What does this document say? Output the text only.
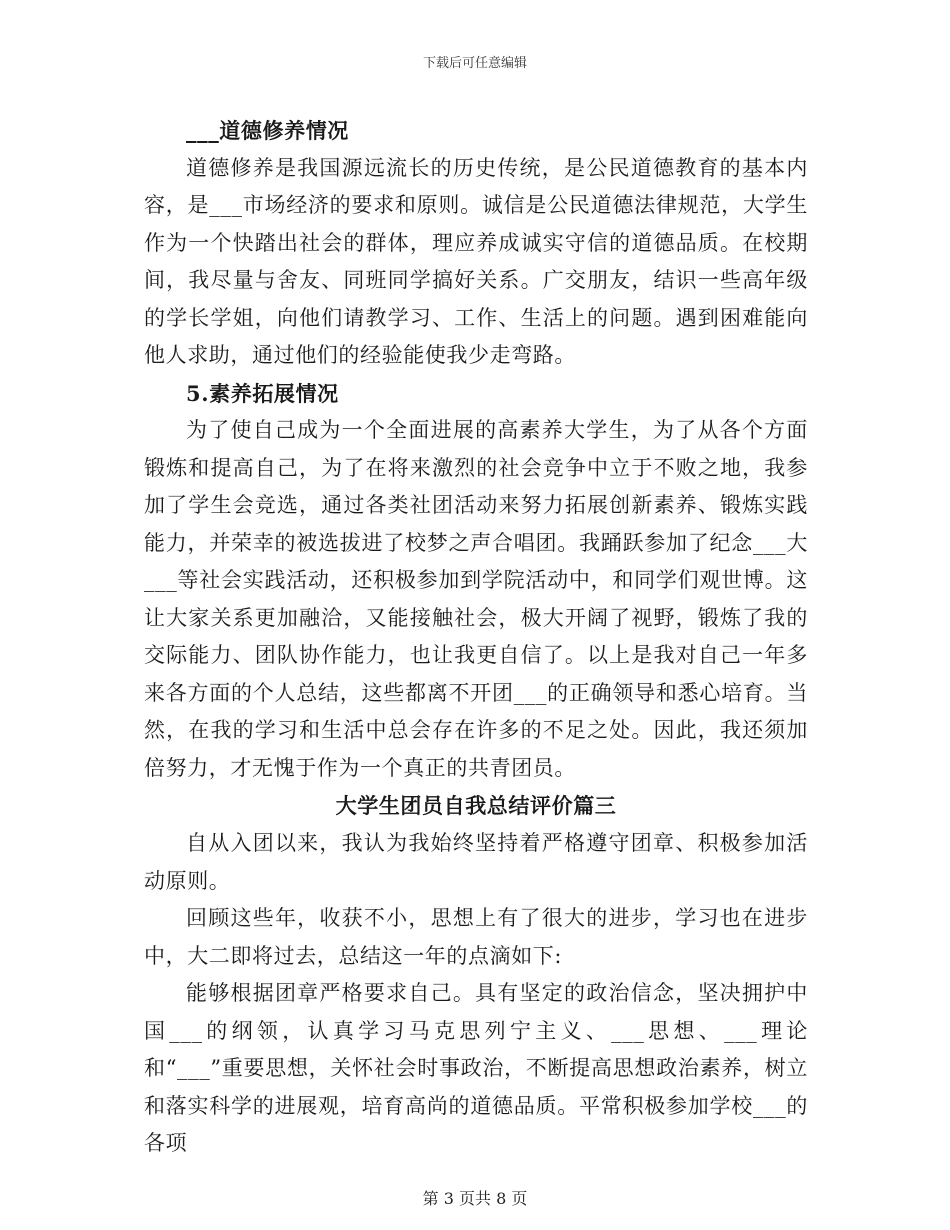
下载后可任意编辑

___道德修养情况

道德修养是我国源远流长的历史传统，是公民道德教育的基本内容，是___市场经济的要求和原则。诚信是公民道德法律规范，大学生作为一个快踏出社会的群体，理应养成诚实守信的道德品质。在校期间，我尽量与舍友、同班同学搞好关系。广交朋友，结识一些高年级的学长学姐，向他们请教学习、工作、生活上的问题。遇到困难能向他人求助，通过他们的经验能使我少走弯路。

5.素养拓展情况

为了使自己成为一个全面进展的高素养大学生，为了从各个方面锻炼和提高自己，为了在将来激烈的社会竞争中立于不败之地，我参加了学生会竞选，通过各类社团活动来努力拓展创新素养、锻炼实践能力，并荣幸的被选拔进了校梦之声合唱团。我踊跃参加了纪念___大___等社会实践活动，还积极参加到学院活动中，和同学们观世博。这让大家关系更加融洽，又能接触社会，极大开阔了视野，锻炼了我的交际能力、团队协作能力，也让我更自信了。以上是我对自己一年多来各方面的个人总结，这些都离不开团___的正确领导和悉心培育。当然，在我的学习和生活中总会存在许多的不足之处。因此，我还须加倍努力，才无愧于作为一个真正的共青团员。

大学生团员自我总结评价篇三

自从入团以来，我认为我始终坚持着严格遵守团章、积极参加活动原则。

回顾这些年，收获不小，思想上有了很大的进步，学习也在进步中，大二即将过去，总结这一年的点滴如下:

能够根据团章严格要求自己。具有坚定的政治信念，坚决拥护中国___的纲领，认真学习马克思列宁主义、___思想、___理论和“___”重要思想，关怀社会时事政治，不断提高思想政治素养，树立和落实科学的进展观，培育高尚的道德品质。平常积极参加学校___的各项

第 3 页共 8 页
